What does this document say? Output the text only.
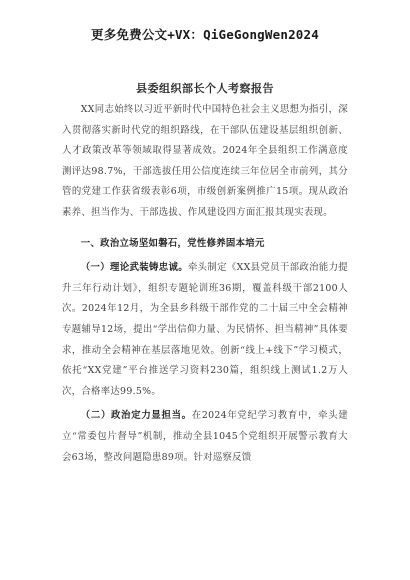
更多免费公文+VX：QiGeGongWen2024
县委组织部长个人考察报告

XX同志始终以习近平新时代中国特色社会主义思想为指引，深入贯彻落实新时代党的组织路线，在干部队伍建设基层组织创新、人才政策改革等领域取得显著成效。2024年全县组织工作满意度测评达98.7%，干部选拔任用公信度连续三年位居全市前列，其分管的党建工作获省级表彰6项，市级创新案例推广15项。现从政治素养、担当作为、干部选拔、作风建设四方面汇报其现实表现。

一、政治立场坚如磐石，党性修养固本培元

（一）理论武装铸忠诚。牵头制定《XX县党员干部政治能力提升三年行动计划》，组织专题轮训班36期，覆盖科级干部2100人次。2024年12月，为全县乡科级干部作党的二十届三中全会精神专题辅导12场，提出“学出信仰力量、为民情怀、担当精神”具体要求，推动全会精神在基层落地见效。创新“线上+线下”学习模式，依托“XX党建”平台推送学习资料230篇，组织线上测试1.2万人次，合格率达99.5%。

（二）政治定力显担当。在2024年党纪学习教育中，牵头建立“常委包片督导”机制，推动全县1045个党组织开展警示教育大会63场，整改问题隐患89项。针对巡察反馈
